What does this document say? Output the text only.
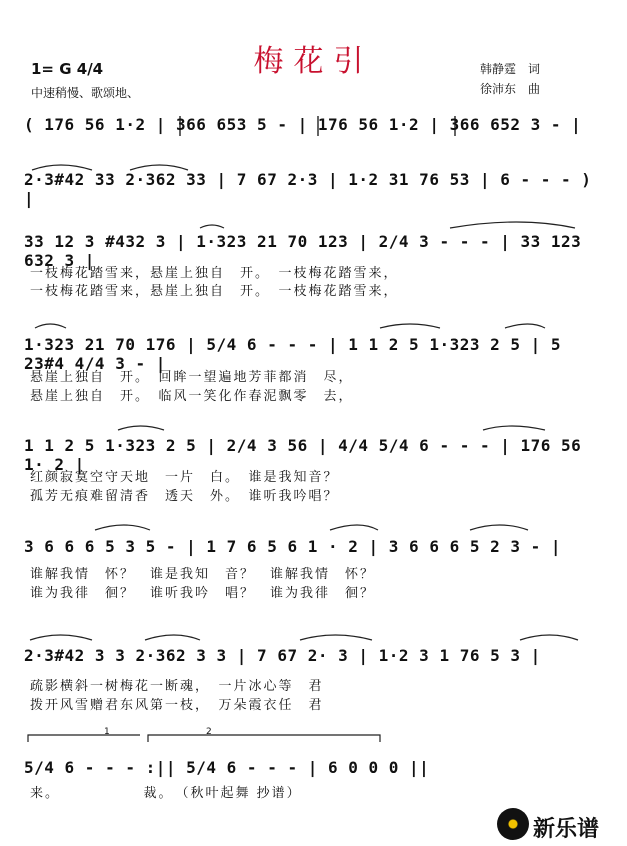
梅花引
1= G 4/4
中速稍慢、歌颂地、
韩静霆　词
徐沛东　曲
1	2
( 176 56 1·2 | 366 653 5 - | 176 56 1·2 | 366 652 3 - |
2·3#42 33 2·362 33 | 7 67 2·3 | 1·2 31 76 53 | 6 - - - ) |
33 12 3 #432 3 | 1·323 21 70 123 | 2/4 3 - - - | 33 123 632 3 |
一枝梅花踏雪来，悬崖上独自　开。　一枝梅花踏雪来，
一枝梅花踏雪来，悬崖上独自　开。　一枝梅花踏雪来，
1·323 21 70 176 | 5/4 6 - - - | 1 1 2 5 1·323 2 5 | 5 23#4 4/4 3 - |
悬崖上独自　开。　回眸一望遍地芳菲都消　尽，
悬崖上独自　开。　临风一笑化作春泥飘零　去，
1 1 2 5 1·323 2 5 | 2/4 3 56 | 4/4 5/4 6 - - - | 176 56 1· 2 |
红颜寂寞空守天地　一片　白。　谁是我知音？
孤芳无痕难留清香　透天　外。　谁听我吟唱？
3 6 6 6 5 3 5 - | 1 7 6 5 6 1 · 2 | 3 6 6 6 5 2 3 - |
谁解我情　怀？　谁是我知　音？　谁解我情　怀？
谁为我徘　徊？　谁听我吟　唱？　谁为我徘　徊？
2·3#42 3 3 2·362 3 3 | 7 67 2· 3 | 1·2 3 1 76 5 3 |
疏影横斜一树梅花一断魂，　一片冰心等　君
拨开风雪赠君东风第一枝，　万朵霞衣任　君
5/4 6 - - - :|| 5/4 6 - - - | 6 0 0 0 ||
来。　　　　　　裁。　（秋叶起舞 抄谱）
新乐谱
